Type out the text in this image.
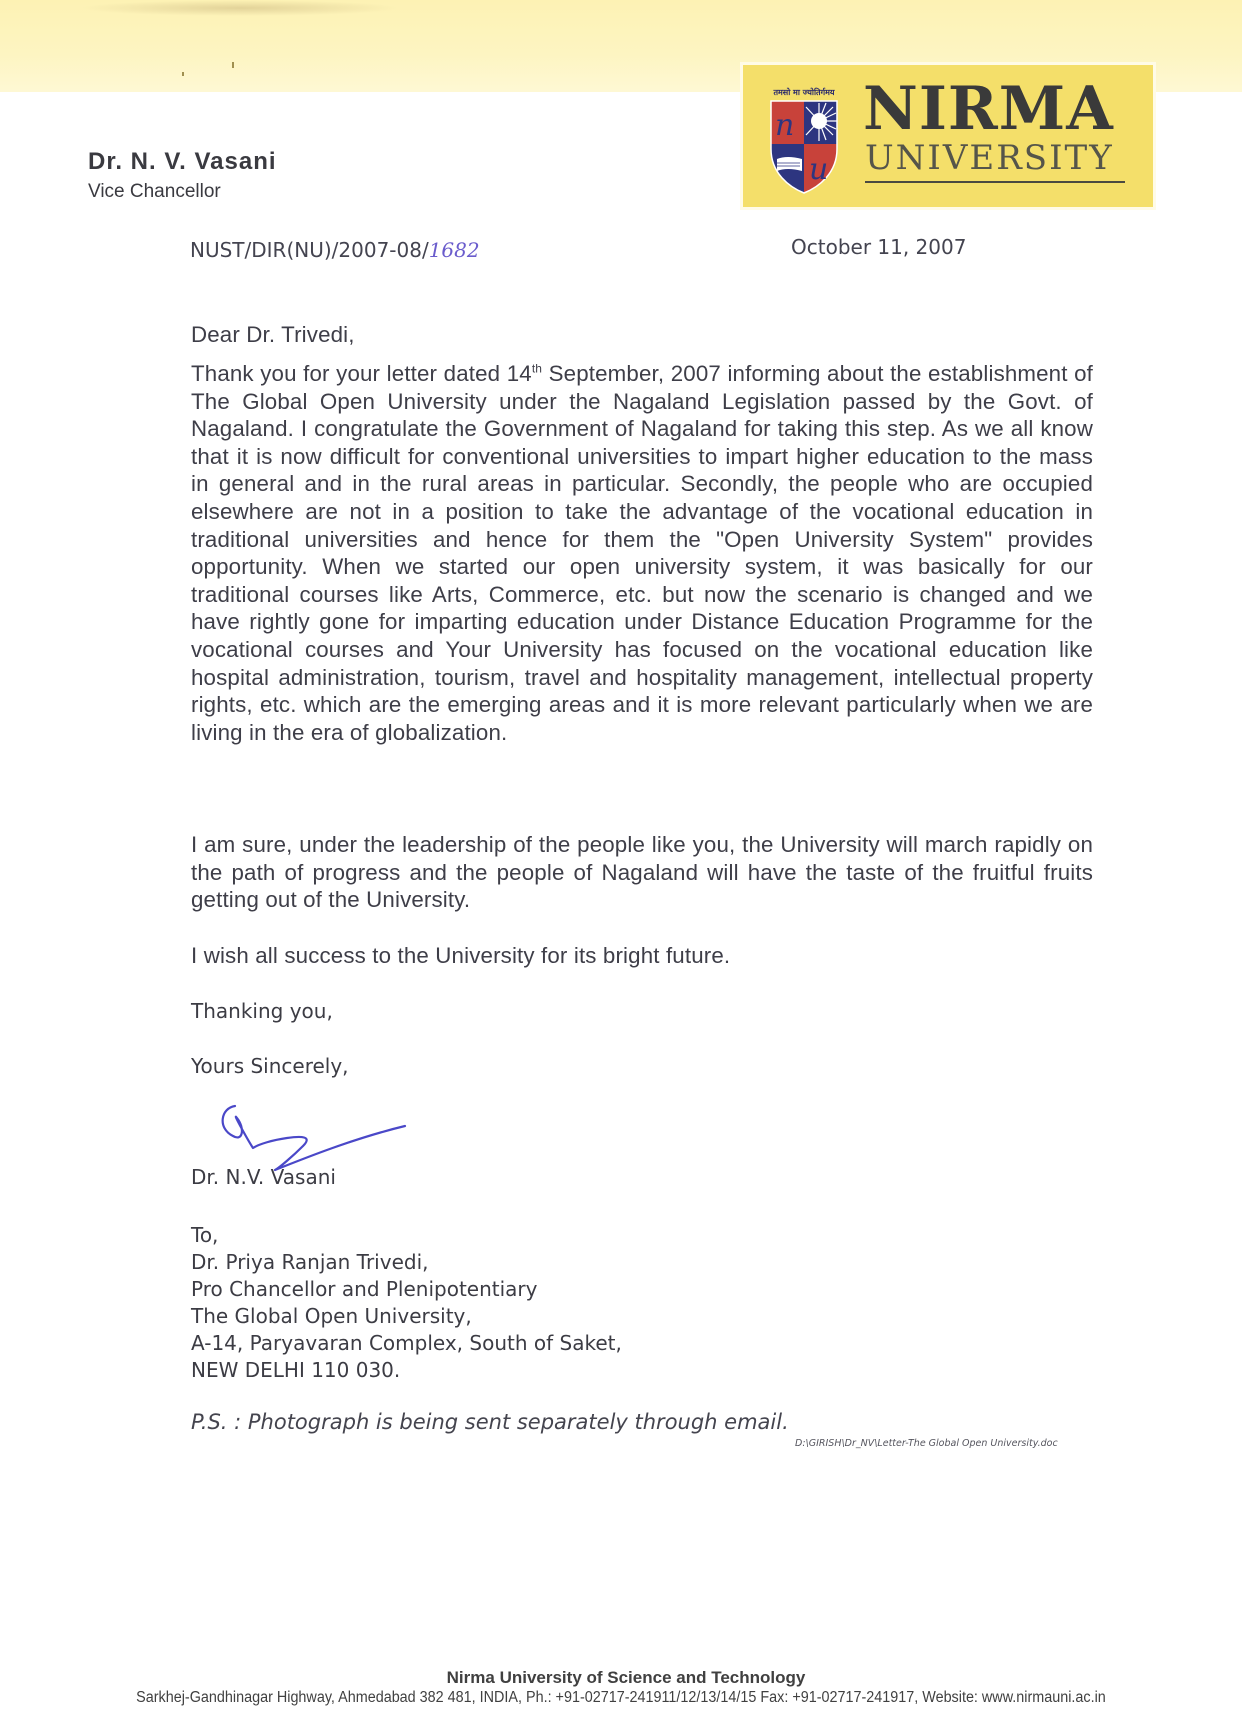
तमसो मा ज्योतिर्गमय
n
u
NIRMA
UNIVERSITY
Dr. N. V. Vasani
Vice Chancellor
NUST/DIR(NU)/2007-08/1682	October 11, 2007
Dear Dr. Trivedi,
Thank you for your letter dated 14th September, 2007 informing about the establishment of The Global Open University under the Nagaland Legislation passed by the Govt. of Nagaland. I congratulate the Government of Nagaland for taking this step. As we all know that it is now difficult for conventional universities to impart higher education to the mass in general and in the rural areas in particular. Secondly, the people who are occupied elsewhere are not in a position to take the advantage of the vocational education in traditional universities and hence for them the "Open University System" provides opportunity. When we started our open university system, it was basically for our traditional courses like Arts, Commerce, etc. but now the scenario is changed and we have rightly gone for imparting education under Distance Education Programme for the vocational courses and Your University has focused on the vocational education like hospital administration, tourism, travel and hospitality management, intellectual property rights, etc. which are the emerging areas and it is more relevant particularly when we are living in the era of globalization.
I am sure, under the leadership of the people like you, the University will march rapidly on the path of progress and the people of Nagaland will have the taste of the fruitful fruits getting out of the University.
I wish all success to the University for its bright future.
Thanking you,
Yours Sincerely,
Dr. N.V. Vasani
To,
Dr. Priya Ranjan Trivedi,
Pro Chancellor and Plenipotentiary
The Global Open University,
A-14, Paryavaran Complex, South of Saket,
NEW DELHI 110 030.
P.S. : Photograph is being sent separately through email.
D:\GIRISH\Dr_NV\Letter-The Global Open University.doc
Nirma University of Science and Technology
Sarkhej-Gandhinagar Highway, Ahmedabad 382 481, INDIA, Ph.: +91-02717-241911/12/13/14/15 Fax: +91-02717-241917, Website: www.nirmauni.ac.in
